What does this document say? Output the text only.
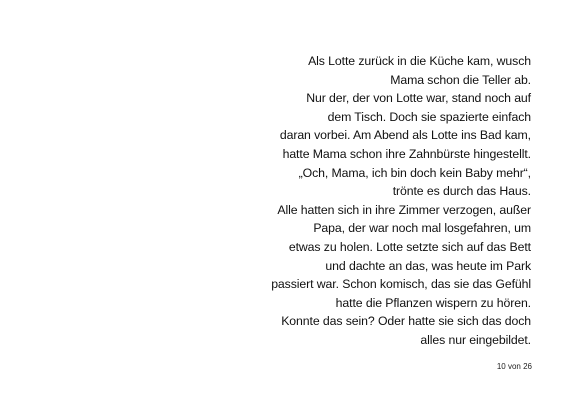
Als Lotte zurück in die Küche kam, wusch
Mama schon die Teller ab.
Nur der, der von Lotte war, stand noch auf
dem Tisch. Doch sie spazierte einfach
daran vorbei. Am Abend als Lotte ins Bad kam,
hatte Mama schon ihre Zahnbürste hingestellt.
„Och, Mama, ich bin doch kein Baby mehr“,
trönte es durch das Haus.
Alle hatten sich in ihre Zimmer verzogen, außer
Papa, der war noch mal losgefahren, um
etwas zu holen. Lotte setzte sich auf das Bett
und dachte an das, was heute im Park
passiert war. Schon komisch, das sie das Gefühl
hatte die Pflanzen wispern zu hören.
Konnte das sein? Oder hatte sie sich das doch
alles nur eingebildet.
10 von 26
